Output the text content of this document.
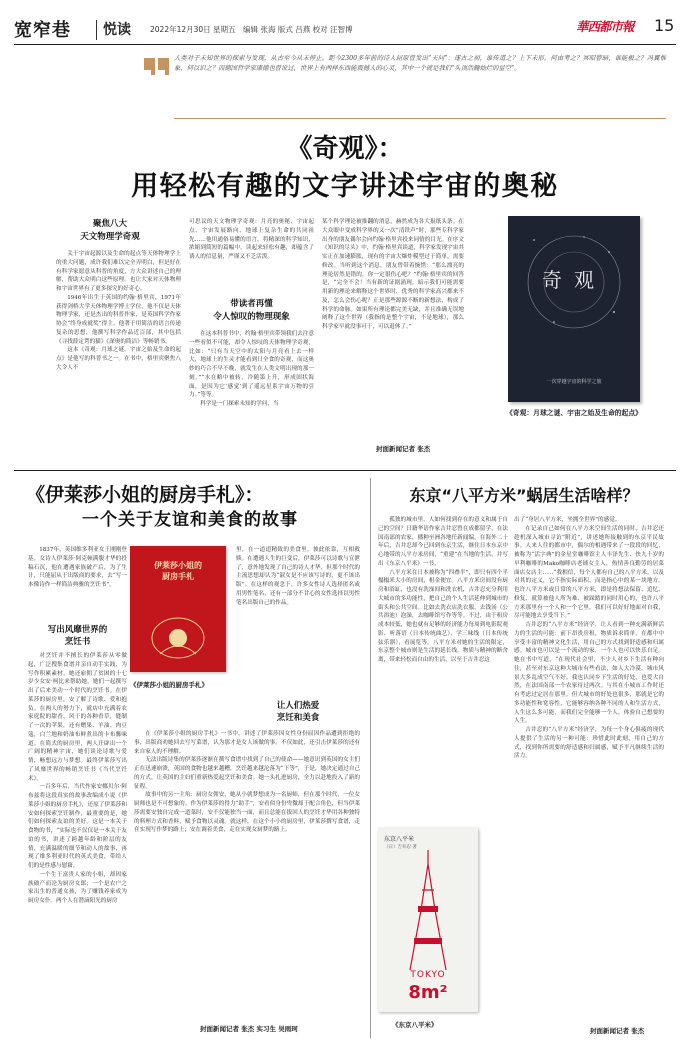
宽窄巷 悦读	2022年12月30日 星期五　编辑 张海 版式 吕燕 校对 汪智博	華西都市報 15
人类对于未知世界的探索与发现，从古至今从未停止。距今2300多年前的诗人屈原曾发出“天问”：遂古之初，谁传道之？上下未形，何由考之？冥昭瞢暗，谁能极之？冯翼惟象，何以识之？而德国哲学家康德也曾说过，世界上有两样东西能震撼人的心灵，其中一个就是我们“头顶浩瀚灿烂的星空”。
《奇观》：
用轻松有趣的文字讲述宇宙的奥秘
聚焦八大
天文物理学奇观

关于宇宙起源以及生命的起点等天体物理学上的重大问题，成许我们难以完全弄明白，但是好在有科学家愿意从科普的角度，方大众讲述自己的理解，帮助大众明白这些原理。也让大家对天体物理和宇宙世界有了更多探究的好奇心。

1946年出生于英国的约翰·格里宾，1971年获得剑桥大学天体物理学博士学位，他不仅是天体物理学家，还是杰出的科普作家，是英国科学作家协会“终身成就奖”得主。他著于用简洁的语言传递复杂的思想，他撰写科学作品近百部，其中包括《寻找薛定谔的猫》《深奥的简洁》等畅销书。

这本《奇观：月球之谜、宇宙之始及生命的起点》是他写的科普书之一。在书中，格里宾聚焦八大令人不

可思议的天文物理学奇观：月亮的奥秘、宇宙起点、宇宙发展路向、地球上复杂生命的共同祖先……他用通俗易懂的语言，将精深的科学知识，浓缩到简短的篇幅中，读起来轻松有趣，却蕴含了诱人的信息量，严谨又不乏活泼。

带读者再懂
令人惊叹的物理现象

在这本科普书中，约翰·格里宾带领我们去注意一些看似不可能，却令人惊叹的天体物理学奇观，比如：“只有当天空中的太阳与月亮看上去一样大，地球上的生灵才能看到日全食的奇观，而这奥妙的巧合不早不晚，就发生在人类文明出现的那一刻。”“水在略中被转，冷随第上升，形成固状海面，是因为它‘感觉’到了遥远星系宇宙万物的引力。”等等。

科学是一门探索未知的学问，当

某个科学理论被推翻的消息，赫然成为各大报纸头条。在大众眼中变成科学界的又一次“清铁声”时，那些专科学家出身的朋友偶尔会向约翰·格里宾投来同情的目光。在序文《知识的尽头》中，约翰·格里宾谈道，科学家发现宇宙其实正在加速膨胀，现有的宇宙大爆炸模型过于简单，需要修改。当听到这个消息，朋友曾带着惋惜：“那么漂亮的理论居然是错的，你一定很伤心吧？”约翰·格里宾的回答是，“完全不会！当有新的证据涌现，暗示我们可能需要用新的理论来解释这个世界时，优秀的科学家高兴都来不及，怎么会伤心呢？正是那些源源不断的新想法，构成了科学的命脉。如果所有理论都完美无缺，并且准确无误地阐释了这个世界（我指的是整个宇宙，不是地球），那么科学家早就没事可干，可以退休了。”

封面新闻记者 张杰
奇观
一次穿越宇宙的科学之旅
《奇观：月球之谜、宇宙之始及生命的起点》
《伊莱莎小姐的厨房手札》：
一个关于友谊和美食的故事

1837年，英国维多利亚女王刚刚登基。女诗人伊莱莎·阿克顿满腹才华的投稿石沉，他在遭遇家族破产后，为了生计，只能屈从于出版商的要求，去“写一本像诗作一样简洁典雅的烹饪书”。

写出风靡世界的
烹饪书

对烹饪并不擅长的伊莱莎从零做起，广泛搜集食谱并亲自动手实践，为写作积累素材。她还雇佣了贫困的十七岁少女安·柯比来帮助她，她们一起撰写出了后来美动一个时代的烹饪书。在伊莱莎的厨房里，安了解了诗歌、爱和抱负。在两人的努力下，就店中充满着农家庭院的甜香、风干的各种香草，缝制了一次的苹果，还有赠果、羊油、肉豆蔻，白兰地和奶油布鲜煮出的卡布馨味道。在简式的厨房里，两人开辟出一个广阔的精神宇宙，她们谈论诗歌与爱情，畅想远方与梦想。最终伊莱莎写出了风靡世界的畅销烹饪书《当代烹饪术》。

一百多年后，当代作家安娜贝尔·阿布兹将这段真实的故事改编成小说《伊莱莎小姐的厨房手札》，还原了伊莱莎和安如何探索烹饪制作，最重要的是，她们如何探索友谊的美好。这是一本关于食物的书，“实际也不仅仅是一本关于友谊的书，讲述了跨越年龄和阶层的友情，充满温暖的细节和动人的故事，再现了维多利亚时代的英式美食，带给人们的是性感与慰藉。

一个生于富贵人家的小姐，却因家族破产而沦为厨房女郎；一个是农户之家出生的普通女孩，为了赚钱养家成为厨房女仆。两个人在潜滴阳光的厨房

伊莱莎小姐的厨房手札
《伊莱莎小姐的厨房手札》

里，在一道道精致的美食里，彼此依靠，互相救赎。在遭遇人生的巨变后，伊莱莎可以诗歌与宣泄了，意外地发现了自己的诗人才华，但那个时代的主流思想却认为“淑女是不应该写诗的，更不该出版”。在这样的观念下，许多女性诗人选择匿名或用男性笔名，还有一部分不甘心的女性选择以男性笔名出版自己的作品。

让人们热爱
烹饪和美食

在《伊莱莎小姐的厨房手札》一书中，讲述了伊莱莎因女性身份屈因作品遭到拒绝的事，出版商劝她回去写写菜谱，认为那才是女人该做的事。不仅如此，还引击伊莱莎的还有来自家人的不理解。

无法出版诗集的伊莱莎逐渐在撰写食谱中找到了自己的使命——她意识到英国的女主们正在迅速崩溃，英国的食物也越来越糟，烹饪越来越沦落为“下等”，于是，她决定通过自己的方式，让英国的主妇们重新热爱起烹饪和美食。她一头扎进厨房，全力以赴地投入了新的征程。

故事中的另一主角：厨房女佣安，她从小就梦想成为一名厨师，但在那个时代，一位女厨师也是不可想象的。作为伊莱莎的得力“助手”，安看似身份卑微却于配合角色，但当伊莱莎需要安独自完成一道菜时，安不仅能独当一面，而且总能在拔回人的烹饪才华用各种独特的料理方式和香料，赋予食物以灵魂。就这样，在这个小小的厨房里，伊莱莎撰写食谱，走在实现写作梦的路上；安在调着美食，走在实现女厨梦的路上。

封面新闻记者 张杰 实习生 吴雨珂
东京“八平方米”蜗居生活啥样？

孤独的城市里，人如何找到存在的意义和属于自己的空间？日籍华语作家吉井忍曾在成都留学，在法国南部的农家，播种至洲各地任新闻编。在海外二十年后，吉井忍却今已回到东京生活，继住日本东京中心地带的八平方米房间，“重建”在当地的生活，并写出《东京八平米》一书。

八平方米在日本被称为“四叠半”，即只有四个半榻榻米大小的房间，租金便宜。八平方米房间没有厨房和浴缸，也没有洗澡间和洗衣机，吉井忍充分利用大城市的多功能性，把自己的个人生活延伸到城市的街头和公共空间。比如去洗衣店洗衣服，去钱汤（公共浴池）泡澡，去咖啡馆写作等等。不过，由于租房成本较低，她也就有足够的经济能力每周到电影院观影、听落语（日本传统曲艺）、学三味线（日本传统弦乐器），看展览等。八平方米对她的生活的限定，东京整个城市则是生活的延长线。物质与精神的断舍离，带来轻松而自由的生活。以至于吉井忍这

出了“身居八平方米，坐拥全世界”的感觉。

在记录自己如何在八平方米空间生活的同时，吉井忍还趁机深入城市寻访“附近”，讲述她所接触到的东京平民故事。人来人往的都市中，偶尔的相遇带来了一段段的回忆，被称为“活字典”的金星堂咖啡馆主人丰泽先生、快九十岁的早利咖啡的Mako咖啡店老铺女主人，热情善良勤劳的居菜面店女店主……“我相信，每个人都有自己的八平方米，以及对其的定义，它不指实际面积，而是指心中的某一块地方。也许八平方米或日常的八平方米，即是将想法保留、追忆、修复、就算被他人所为难、被踩踏的同时用心的，也许八平方米那里有一个人和一个它里，我们可以好好地面对自我，尽可能地去享受当下。”

吉井忍的“八平方米”经济学，让人看到一种充满新鲜活力的生活的可能：前下昂贵房租，物质诉求简单，在都中中享受丰富的精神文化生活，用自己的方式找到舒适感和归属感。城市也可以是一个流动的家，一个人也可以快乐自足。她在书中写道，“在现代社会里，不少人对乡下生活有种向往，甚至对东京这种大城市有些看法，如人大冷漠、城市风景大多乱成空气不好。我也认同乡下生活的好处，也爱大自然，在法国南部一个农家待过两次。与其在小城市工作时还有考虑过定居在那里。但大城市的好处也很多，那就是它的多功能性和宽容性，它能够容纳各种不同的人和生活方式，人生这么多可能，而我们完全能够一个人，体验自己想要的人生。

吉井忍的“八平方米”经济学，为每一个身心俱疲的现代人提供了生活的另一种可能：珍惜此时此刻，用自己的方式，找到你所需要的舒适感和归属感，赋予平凡继续生活的活力。

封面新闻记者 张杰
东京八平米
（日）吉井忍 著
TOKYO
8m²
《东京八平米》
